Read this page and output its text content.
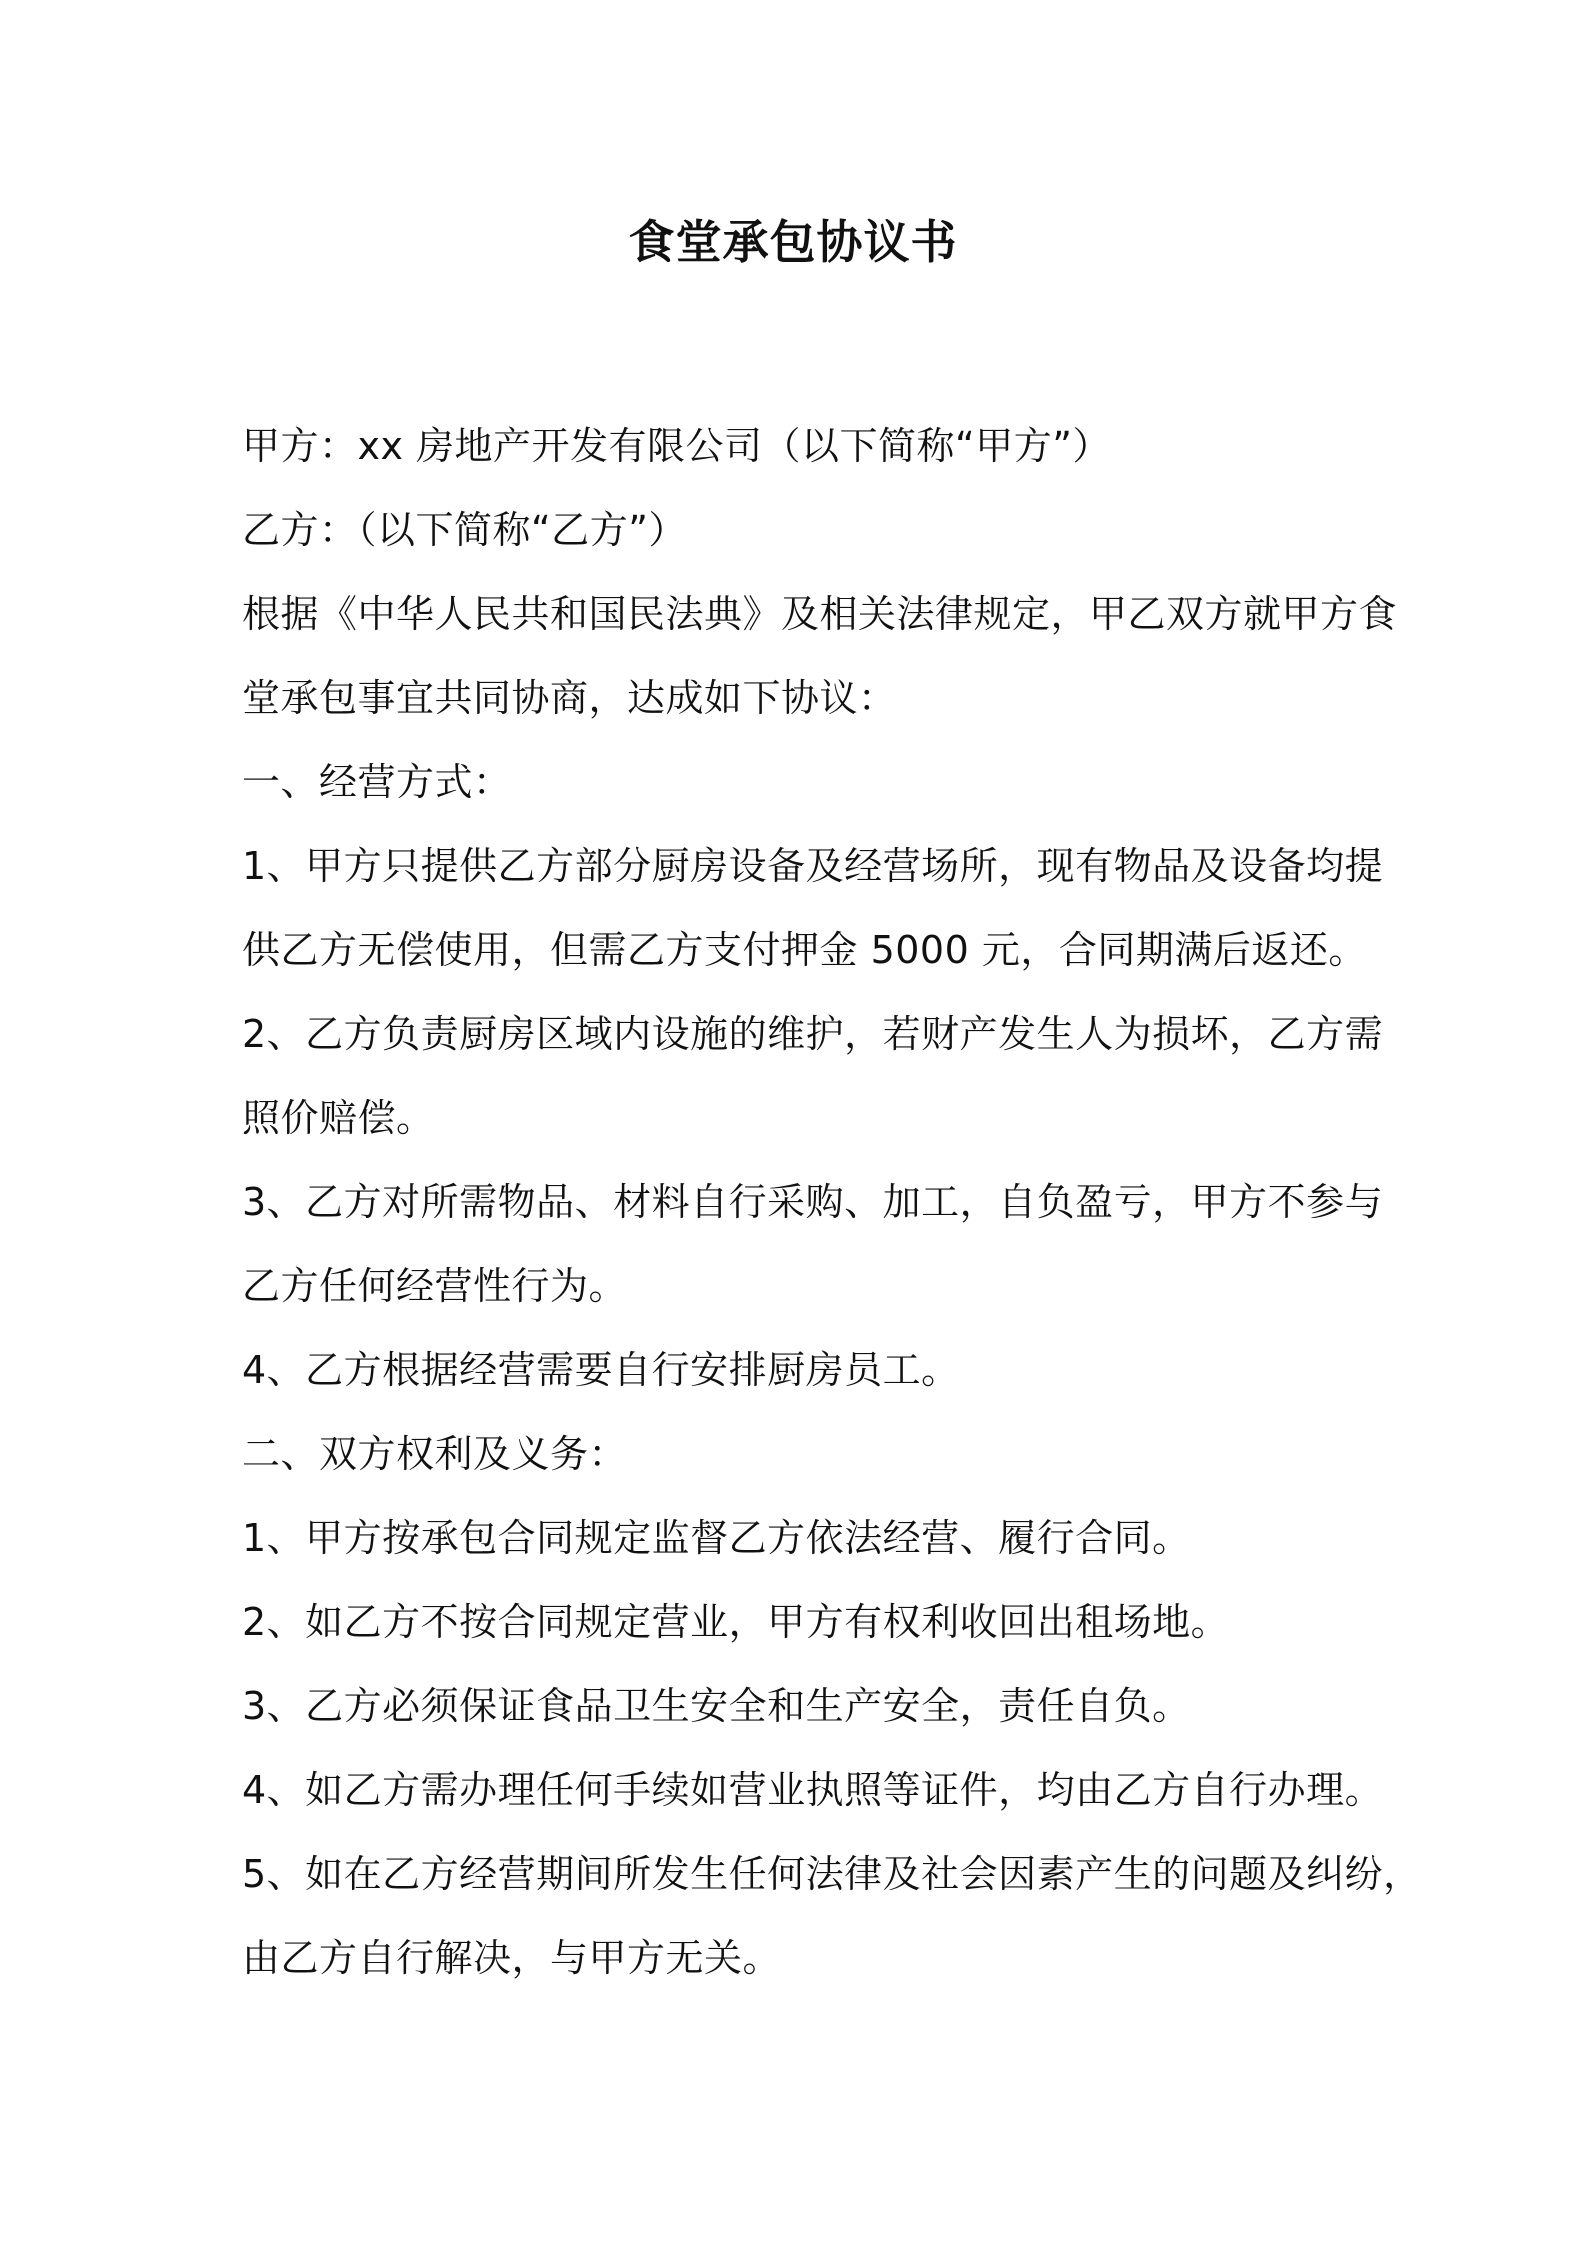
食堂承包协议书
甲方：xx 房地产开发有限公司（以下简称“甲方”）
乙方：（以下简称“乙方”）
根据《中华人民共和国民法典》及相关法律规定，甲乙双方就甲方食
堂承包事宜共同协商，达成如下协议：
一、经营方式：
1、甲方只提供乙方部分厨房设备及经营场所，现有物品及设备均提
供乙方无偿使用，但需乙方支付押金 5000 元，合同期满后返还。
2、乙方负责厨房区域内设施的维护，若财产发生人为损坏，乙方需
照价赔偿。
3、乙方对所需物品、材料自行采购、加工，自负盈亏，甲方不参与
乙方任何经营性行为。
4、乙方根据经营需要自行安排厨房员工。
二、双方权利及义务：
1、甲方按承包合同规定监督乙方依法经营、履行合同。
2、如乙方不按合同规定营业，甲方有权利收回出租场地。
3、乙方必须保证食品卫生安全和生产安全，责任自负。
4、如乙方需办理任何手续如营业执照等证件，均由乙方自行办理。
5、如在乙方经营期间所发生任何法律及社会因素产生的问题及纠纷，
由乙方自行解决，与甲方无关。
